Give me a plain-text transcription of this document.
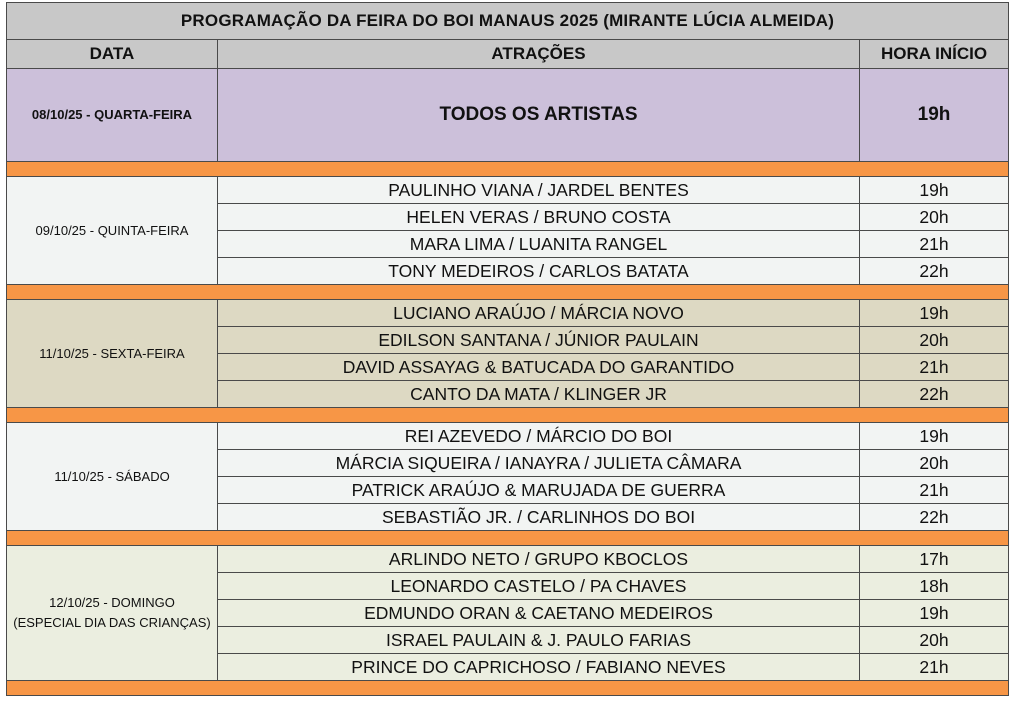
PROGRAMAÇÃO DA FEIRA DO BOI MANAUS 2025 (MIRANTE LÚCIA ALMEIDA)		
DATA	ATRAÇÕES	HORA INÍCIO
08/10/25 - QUARTA-FEIRA	TODOS OS ARTISTAS	19h

09/10/25 - QUINTA-FEIRA	PAULINHO VIANA / JARDEL BENTES	19h
	HELEN VERAS / BRUNO COSTA	20h
	MARA LIMA / LUANITA RANGEL	21h
	TONY MEDEIROS / CARLOS BATATA	22h

11/10/25 - SEXTA-FEIRA	LUCIANO ARAÚJO / MÁRCIA NOVO	19h
	EDILSON SANTANA / JÚNIOR PAULAIN	20h
	DAVID ASSAYAG & BATUCADA DO GARANTIDO	21h
	CANTO DA MATA / KLINGER JR	22h

11/10/25 - SÁBADO	REI AZEVEDO / MÁRCIO DO BOI	19h
	MÁRCIA SIQUEIRA / IANAYRA / JULIETA CÂMARA	20h
	PATRICK ARAÚJO & MARUJADA DE GUERRA	21h
	SEBASTIÃO JR. / CARLINHOS DO BOI	22h

12/10/25 - DOMINGO
(ESPECIAL DIA DAS CRIANÇAS)	ARLINDO NETO / GRUPO KBOCLOS	17h
	LEONARDO CASTELO / PA CHAVES	18h
	EDMUNDO ORAN & CAETANO MEDEIROS	19h
	ISRAEL PAULAIN & J. PAULO FARIAS	20h
	PRINCE DO CAPRICHOSO / FABIANO NEVES	21h
